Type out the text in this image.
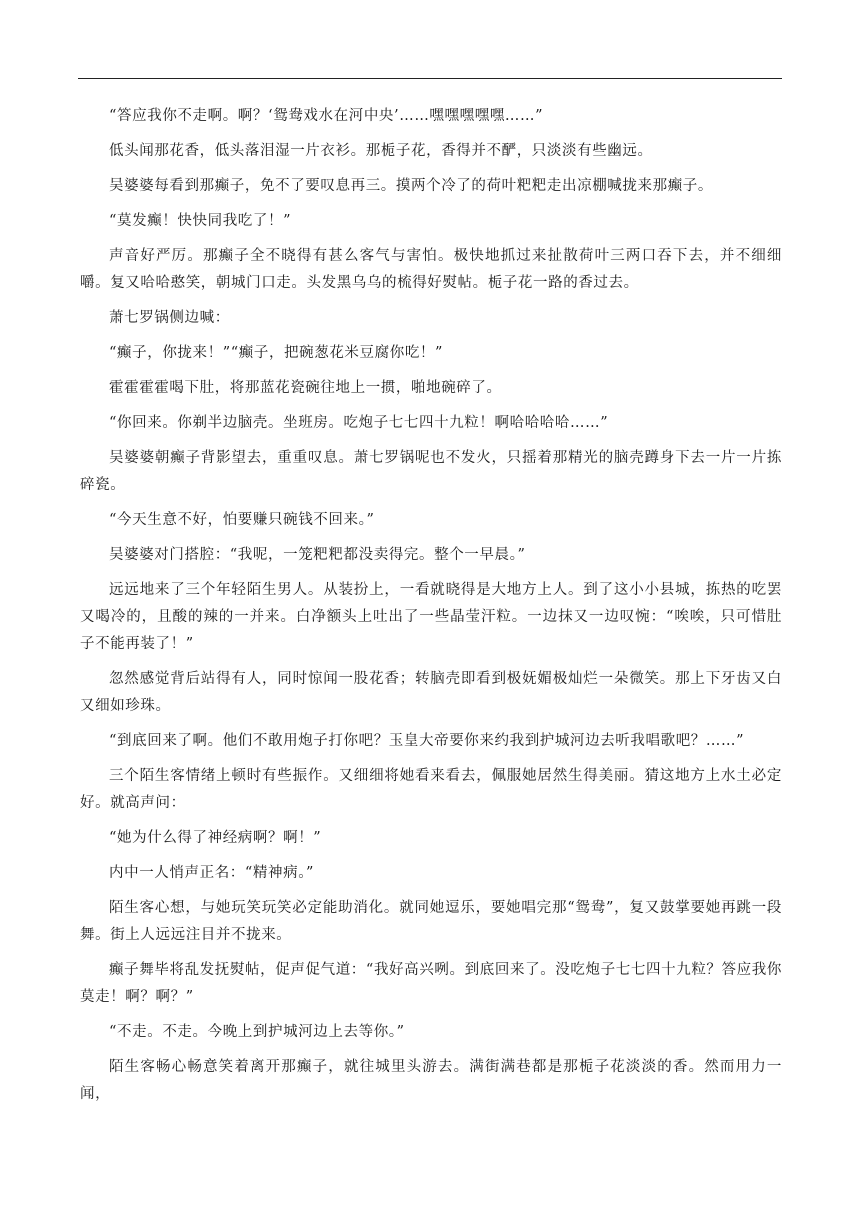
“答应我你不走啊。啊？‘鸳鸯戏水在河中央’……嘿嘿嘿嘿嘿……”

低头闻那花香，低头落泪湿一片衣衫。那栀子花，香得并不酽，只淡淡有些幽远。

吴婆婆每看到那癫子，免不了要叹息再三。摸两个冷了的荷叶粑粑走出凉棚喊拢来那癫子。

“莫发癫！快快同我吃了！”

声音好严厉。那癫子全不晓得有甚么客气与害怕。极快地抓过来扯散荷叶三两口吞下去，并不细细嚼。复又哈哈憨笑，朝城门口走。头发黑乌乌的梳得好熨帖。栀子花一路的香过去。

萧七罗锅侧边喊：

“癫子，你拢来！”“癫子，把碗葱花米豆腐你吃！”

霍霍霍霍喝下肚，将那蓝花瓷碗往地上一掼，啪地碗碎了。

“你回来。你剃半边脑壳。坐班房。吃炮子七七四十九粒！啊哈哈哈哈……”

吴婆婆朝癫子背影望去，重重叹息。萧七罗锅呢也不发火，只摇着那精光的脑壳蹲身下去一片一片拣碎瓷。

“今天生意不好，怕要赚只碗钱不回来。”

吴婆婆对门搭腔：“我呢，一笼粑粑都没卖得完。整个一早晨。”

远远地来了三个年轻陌生男人。从装扮上，一看就晓得是大地方上人。到了这小小县城，拣热的吃罢又喝冷的，且酸的辣的一并来。白净额头上吐出了一些晶莹汗粒。一边抹又一边叹惋：“唉唉，只可惜肚子不能再装了！”

忽然感觉背后站得有人，同时惊闻一股花香；转脑壳即看到极妩媚极灿烂一朵微笑。那上下牙齿又白又细如珍珠。

“到底回来了啊。他们不敢用炮子打你吧？玉皇大帝要你来约我到护城河边去听我唱歌吧？……”

三个陌生客情绪上顿时有些振作。又细细将她看来看去，佩服她居然生得美丽。猜这地方上水土必定好。就高声问：

“她为什么得了神经病啊？啊！”

内中一人悄声正名：“精神病。”

陌生客心想，与她玩笑玩笑必定能助消化。就同她逗乐，要她唱完那“鸳鸯”，复又鼓掌要她再跳一段舞。街上人远远注目并不拢来。

癫子舞毕将乱发抚熨帖，促声促气道：“我好高兴咧。到底回来了。没吃炮子七七四十九粒？答应我你莫走！啊？啊？”

“不走。不走。今晚上到护城河边上去等你。”

陌生客畅心畅意笑着离开那癫子，就往城里头游去。满街满巷都是那栀子花淡淡的香。然而用力一闻，
